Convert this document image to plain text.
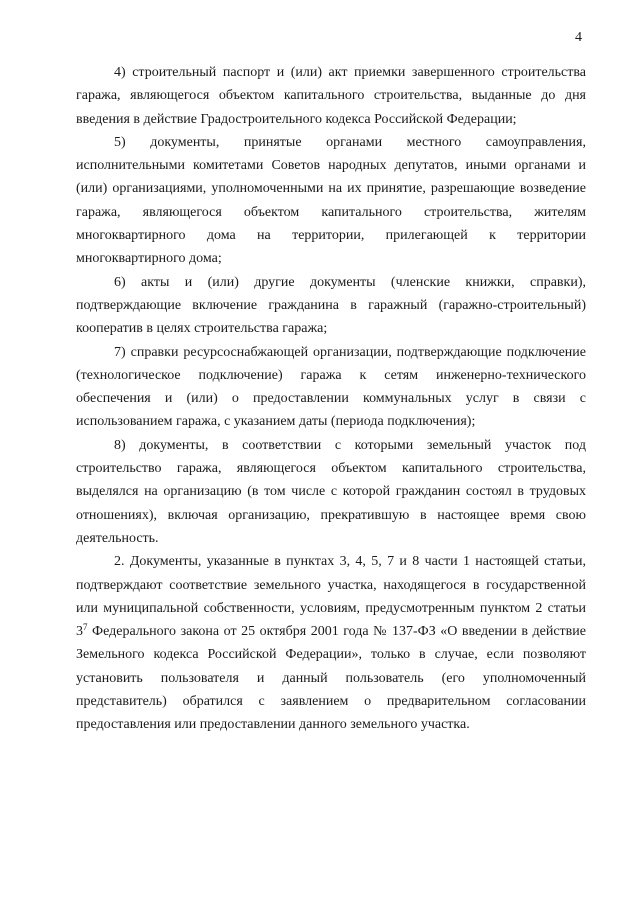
4

4) строительный паспорт и (или) акт приемки завершенного строительства гаража, являющегося объектом капитального строительства, выданные до дня введения в действие Градостроительного кодекса Российской Федерации;

5) документы, принятые органами местного самоуправления, исполнительными комитетами Советов народных депутатов, иными органами и (или) организациями, уполномоченными на их принятие, разрешающие возведение гаража, являющегося объектом капитального строительства, жителям многоквартирного дома на территории, прилегающей к территории многоквартирного дома;

6) акты и (или) другие документы (членские книжки, справки), подтверждающие включение гражданина в гаражный (гаражно-строительный) кооператив в целях строительства гаража;

7) справки ресурсоснабжающей организации, подтверждающие подключение (технологическое подключение) гаража к сетям инженерно-технического обеспечения и (или) о предоставлении коммунальных услуг в связи с использованием гаража, с указанием даты (периода подключения);

8) документы, в соответствии с которыми земельный участок под строительство гаража, являющегося объектом капитального строительства, выделялся на организацию (в том числе с которой гражданин состоял в трудовых отношениях), включая организацию, прекратившую в настоящее время свою деятельность.

2. Документы, указанные в пунктах 3, 4, 5, 7 и 8 части 1 настоящей статьи, подтверждают соответствие земельного участка, находящегося в государственной или муниципальной собственности, условиям, предусмотренным пунктом 2 статьи $3^7$ Федерального закона от 25 октября 2001 года № 137-ФЗ «О введении в действие Земельного кодекса Российской Федерации», только в случае, если позволяют установить пользователя и данный пользователь (его уполномоченный представитель) обратился с заявлением о предварительном согласовании предоставления или предоставлении данного земельного участка.
